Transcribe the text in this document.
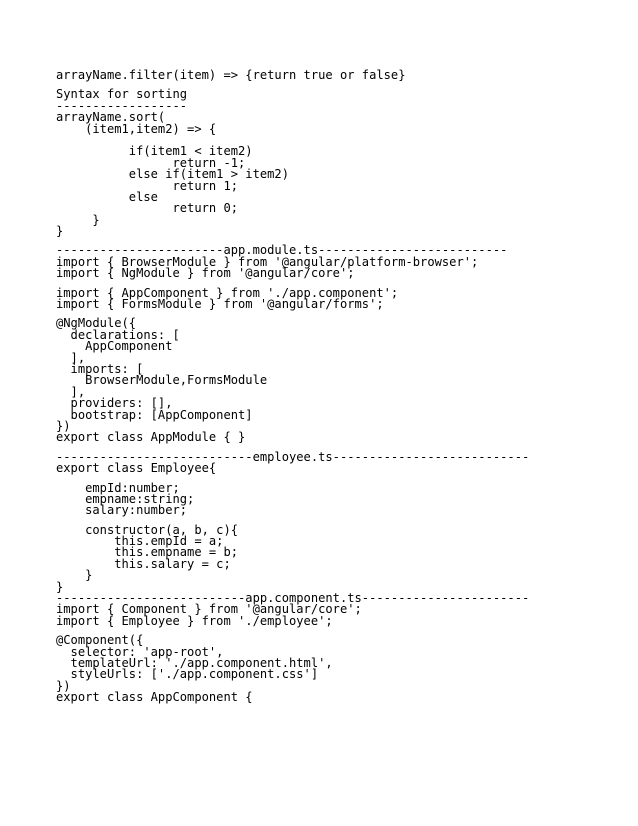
arrayName.filter(item) => {return true or false}
Syntax for sorting
------------------
arrayName.sort(
(item1,item2) => {
if(item1 < item2)
return -1;
else if(item1 > item2)
return 1;
else
return 0;
}
}
-----------------------app.module.ts--------------------------
import { BrowserModule } from '@angular/platform-browser';
import { NgModule } from '@angular/core';
import { AppComponent } from './app.component';
import { FormsModule } from '@angular/forms';
@NgModule({
declarations: [
AppComponent
],
imports: [
BrowserModule,FormsModule
],
providers: [],
bootstrap: [AppComponent]
})
export class AppModule { }
---------------------------employee.ts---------------------------
export class Employee{
empId:number;
empname:string;
salary:number;
constructor(a, b, c){
this.empId = a;
this.empname = b;
this.salary = c;
}
}
--------------------------app.component.ts-----------------------
import { Component } from '@angular/core';
import { Employee } from './employee';
@Component({
selector: 'app-root',
templateUrl: './app.component.html',
styleUrls: ['./app.component.css']
})
export class AppComponent {
